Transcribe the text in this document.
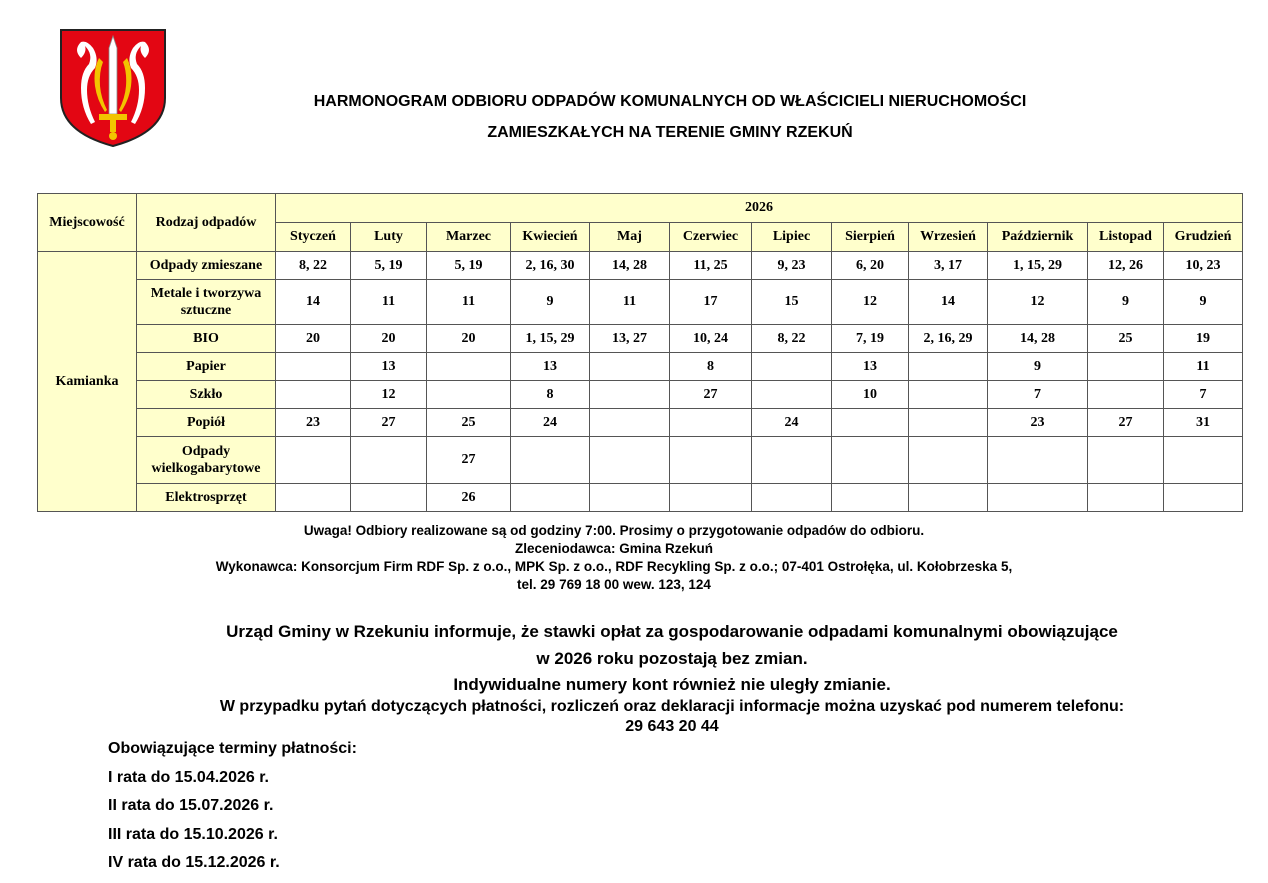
HARMONOGRAM ODBIORU ODPADÓW KOMUNALNYCH OD WŁAŚCICIELI NIERUCHOMOŚCI
ZAMIESZKAŁYCH NA TERENIE GMINY RZEKUŃ
Miejscowość	Rodzaj odpadów	2026											
		Styczeń	Luty	Marzec	Kwiecień	Maj	Czerwiec	Lipiec	Sierpień	Wrzesień	Październik	Listopad	Grudzień
Kamianka	Odpady zmieszane	8, 22	5, 19	5, 19	2, 16, 30	14, 28	11, 25	9, 23	6, 20	3, 17	1, 15, 29	12, 26	10, 23

	Metale i tworzywa
sztuczne	14	11	11	9	11	17	15	12	14	12	9	9

	BIO	20	20	20	1, 15, 29	13, 27	10, 24	8, 22	7, 19	2, 16, 29	14, 28	25	19

	Papier		13		13		8		13		9		11

	Szkło		12		8		27		10		7		7

	Popiół	23	27	25	24			24			23	27	31

	Odpady
wielkogabarytowe			27									

	Elektrosprzęt			26									
Uwaga! Odbiory realizowane są od godziny 7:00. Prosimy o przygotowanie odpadów do odbioru.
Zleceniodawca: Gmina Rzekuń
Wykonawca: Konsorcjum Firm RDF Sp. z o.o., MPK Sp. z o.o., RDF Recykling Sp. z o.o.; 07-401 Ostrołęka, ul. Kołobrzeska 5,
tel. 29 769 18 00 wew. 123, 124
Urząd Gminy w Rzekuniu informuje, że stawki opłat za gospodarowanie odpadami komunalnymi obowiązujące
w 2026 roku pozostają bez zmian.
Indywidualne numery kont również nie uległy zmianie.
W przypadku pytań dotyczących płatności, rozliczeń oraz deklaracji informacje można uzyskać pod numerem telefonu:
29 643 20 44
Obowiązujące terminy płatności:
I rata do 15.04.2026 r.
II rata do 15.07.2026 r.
III rata do 15.10.2026 r.
IV rata do 15.12.2026 r.
